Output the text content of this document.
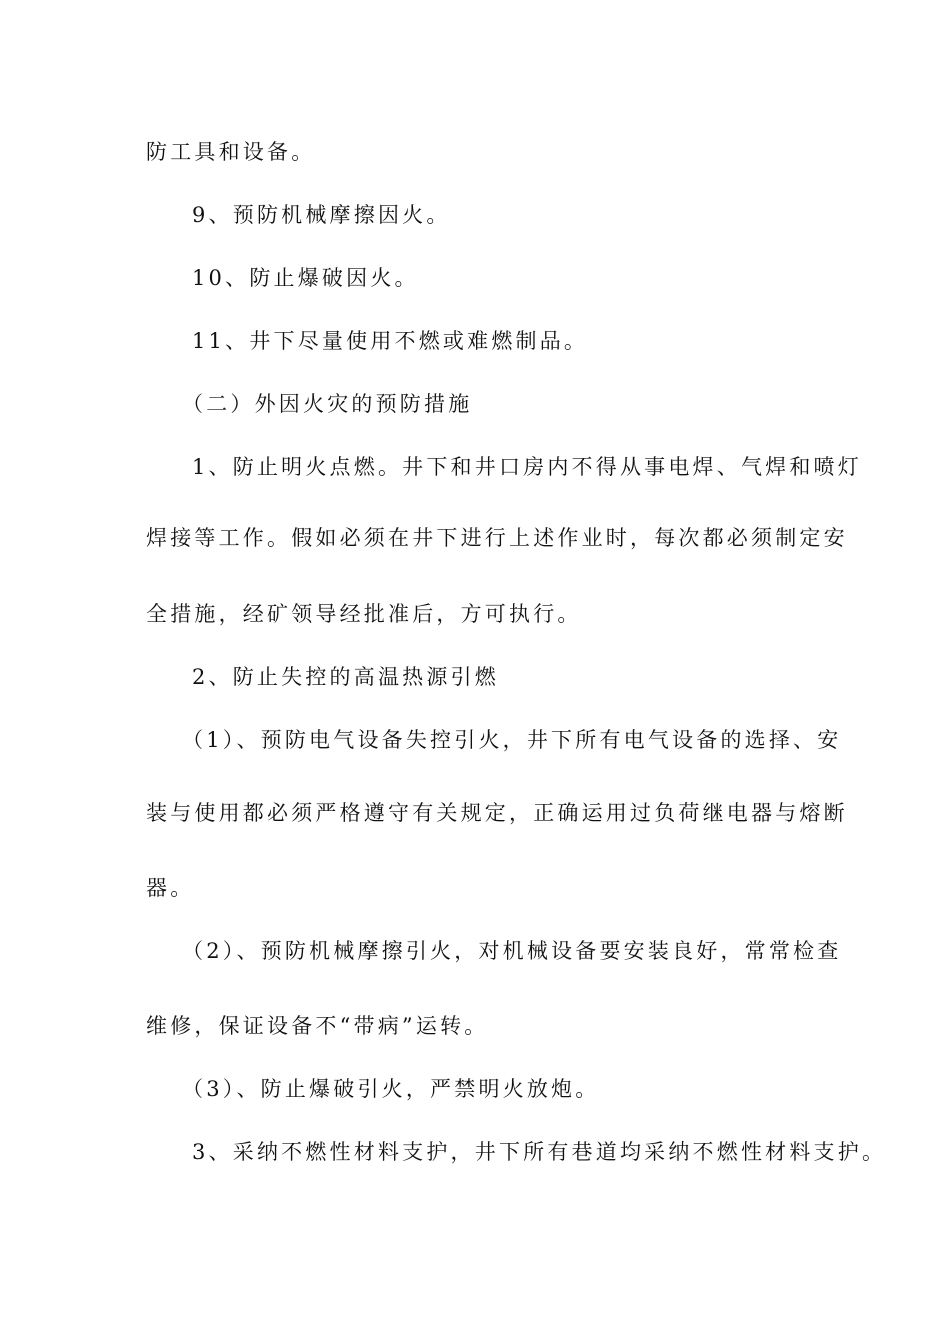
防工具和设备。
9、预防机械摩擦因火。
10、防止爆破因火。
11、井下尽量使用不燃或难燃制品。
（二）外因火灾的预防措施
1、防止明火点燃。井下和井口房内不得从事电焊、气焊和喷灯
焊接等工作。假如必须在井下进行上述作业时，每次都必须制定安
全措施，经矿领导经批准后，方可执行。
2、防止失控的高温热源引燃
（1）、预防电气设备失控引火，井下所有电气设备的选择、安
装与使用都必须严格遵守有关规定，正确运用过负荷继电器与熔断
器。
（2）、预防机械摩擦引火，对机械设备要安装良好，常常检查
维修，保证设备不“带病”运转。
（3）、防止爆破引火，严禁明火放炮。
3、采纳不燃性材料支护，井下所有巷道均采纳不燃性材料支护。
